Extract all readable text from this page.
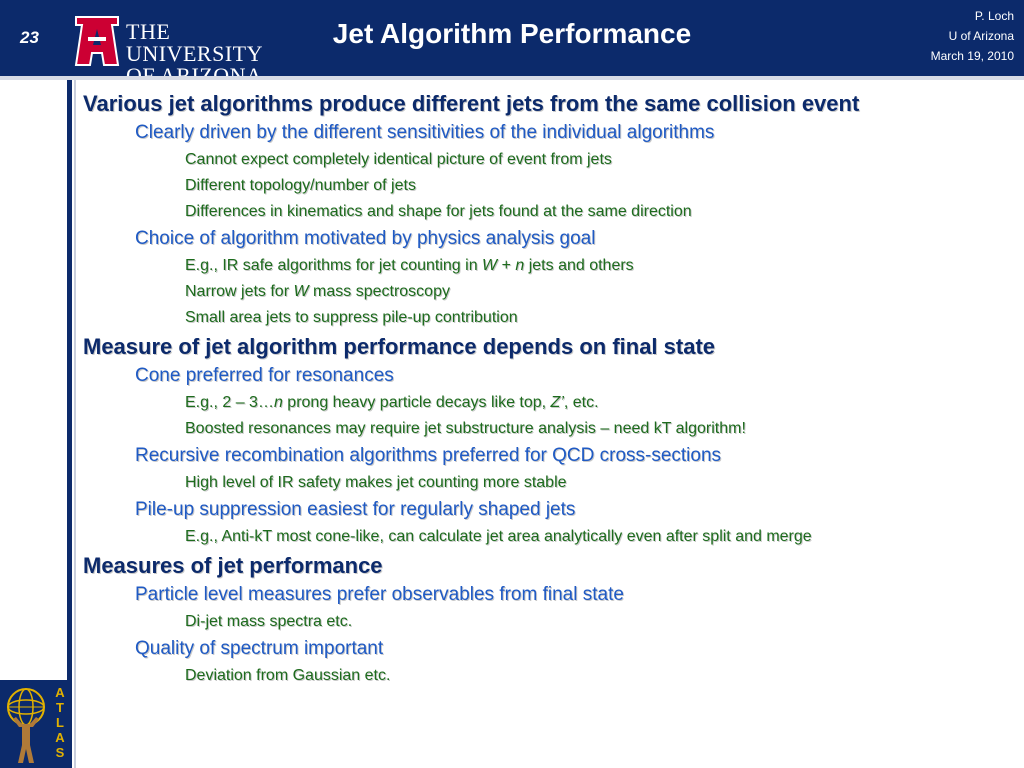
23	THE UNIVERSITY
Jet Algorithm Performance
P. Loch
U of Arizona
March 19, 2010
A
T
L
A
S
Various jet algorithms produce different jets from the same collision event
Clearly driven by the different sensitivities of the individual algorithms
Cannot expect completely identical picture of event from jets
Different topology/number of jets
Differences in kinematics and shape for jets found at the same direction
Choice of algorithm motivated by physics analysis goal
E.g., IR safe algorithms for jet counting in W + n jets and others
Narrow jets for W mass spectroscopy
Small area jets to suppress pile-up contribution
Measure of jet algorithm performance depends on final state
Cone preferred for resonances
E.g., 2 – 3…n prong heavy particle decays like top, Z’, etc.
Boosted resonances may require jet substructure analysis – need kT algorithm!
Recursive recombination algorithms preferred for QCD cross-sections
High level of IR safety makes jet counting more stable
Pile-up suppression easiest for regularly shaped jets
E.g., Anti-kT most cone-like, can calculate jet area analytically even after split and merge
Measures of jet performance
Particle level measures prefer observables from final state
Di-jet mass spectra etc.
Quality of spectrum important
Deviation from Gaussian etc.
